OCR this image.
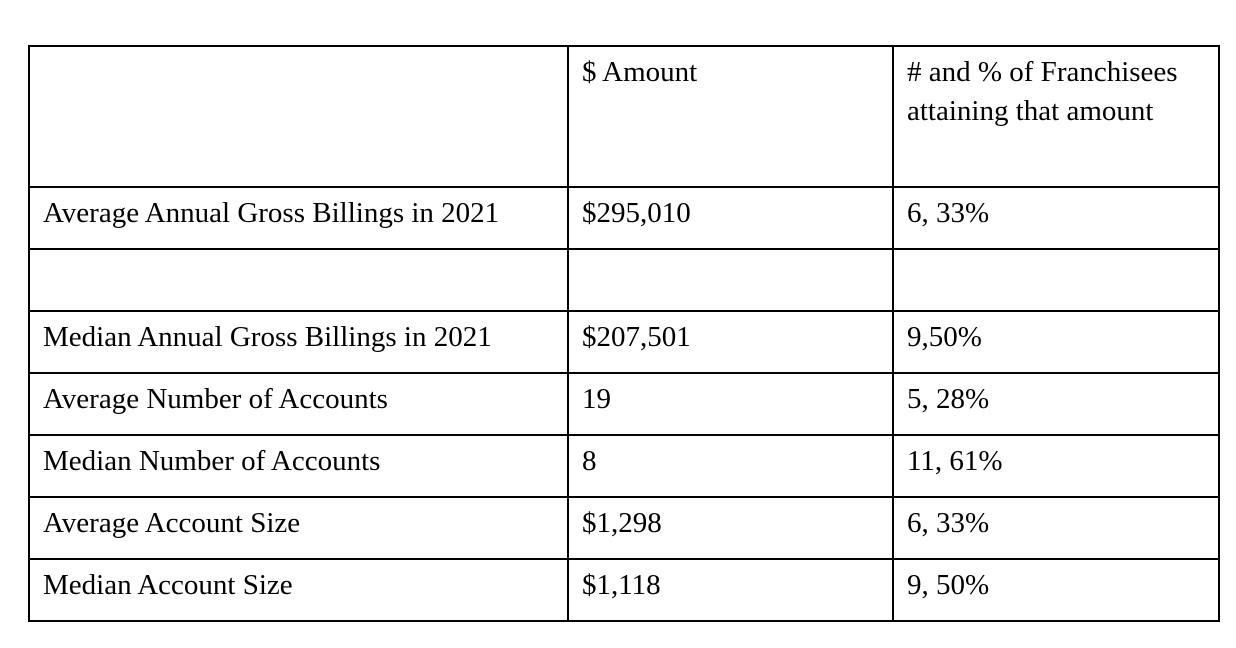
	$ Amount	# and % of Franchisees attaining that amount
Average Annual Gross Billings in 2021	$295,010	6, 33%

Median Annual Gross Billings in 2021	$207,501	9,50%
Average Number of Accounts	19	5, 28%
Median Number of Accounts	8	11, 61%
Average Account Size	$1,298	6, 33%
Median Account Size	$1,118	9, 50%
